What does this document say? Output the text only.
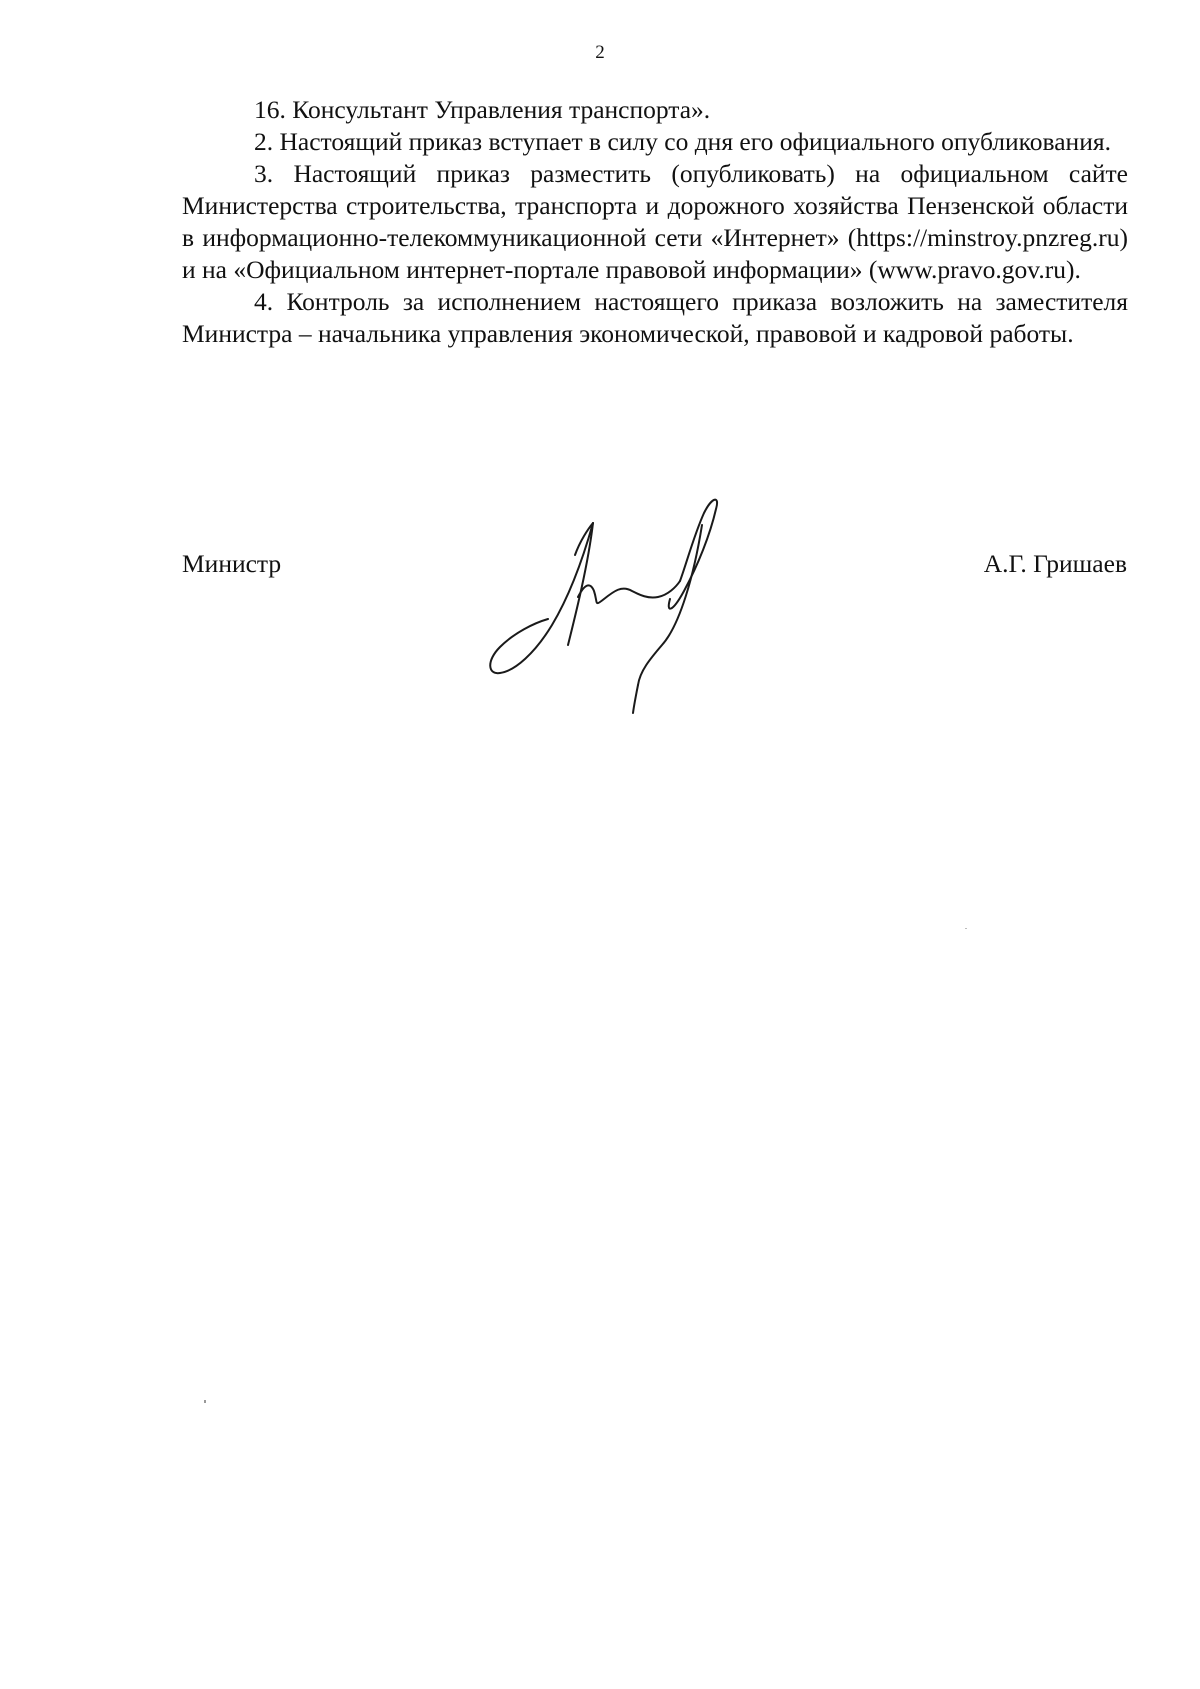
2

16. Консультант Управления транспорта».

2. Настоящий приказ вступает в силу со дня его официального опубликования.

3. Настоящий приказ разместить (опубликовать) на официальном сайте Министерства строительства, транспорта и дорожного хозяйства Пензенской области в информационно-телекоммуникационной сети «Интернет» (https://minstroy.pnzreg.ru) и на «Официальном интернет-портале правовой информации» (www.pravo.gov.ru).

4. Контроль за исполнением настоящего приказа возложить на заместителя Министра – начальника управления экономической, правовой и кадровой работы.

Министр	А.Г. Гришаев
